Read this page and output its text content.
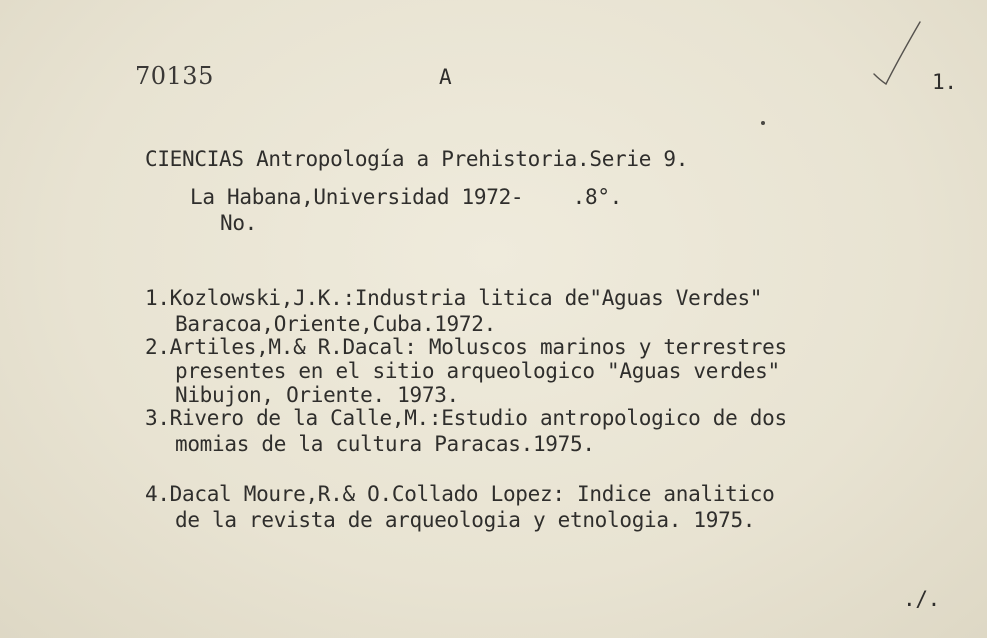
70135	A	1.
CIENCIAS Antropología a Prehistoria.Serie 9.
La Habana,Universidad 1972-    .8°.
No.
1.Kozlowski,J.K.:Industria litica de"Aguas Verdes"
Baracoa,Oriente,Cuba.1972.
2.Artiles,M.& R.Dacal: Moluscos marinos y terrestres
presentes en el sitio arqueologico "Aguas verdes"
Nibujon, Oriente. 1973.
3.Rivero de la Calle,M.:Estudio antropologico de dos
momias de la cultura Paracas.1975.
4.Dacal Moure,R.& O.Collado Lopez: Indice analitico
de la revista de arqueologia y etnologia. 1975.
./.
